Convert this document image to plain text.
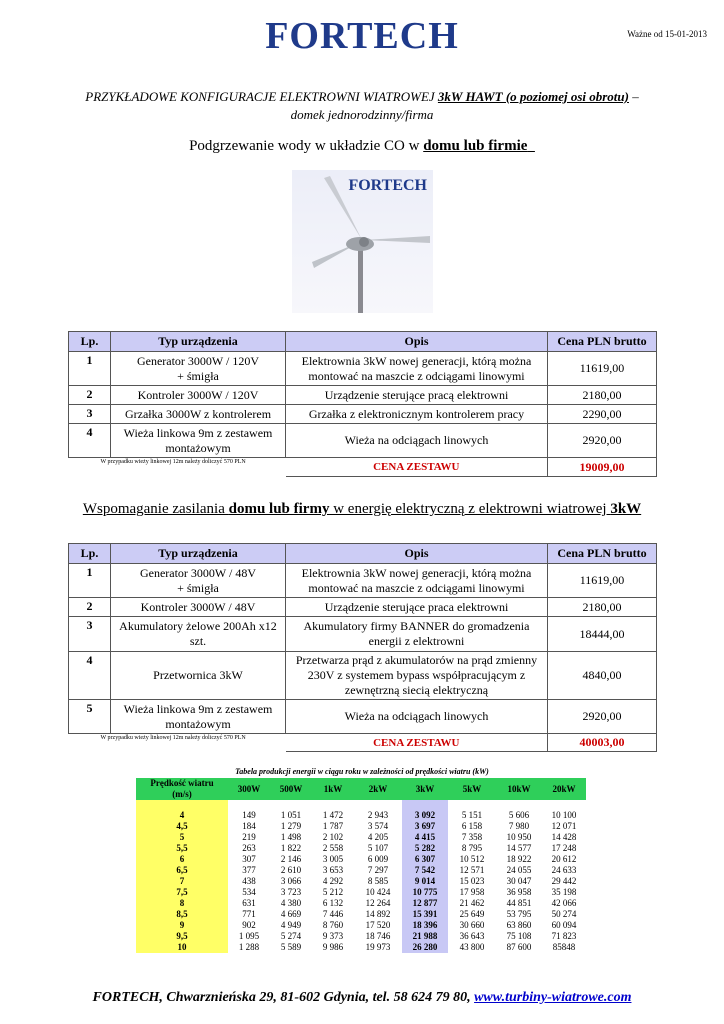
FORTECH	Ważne od 15-01-2013
PRZYKŁADOWE KONFIGURACJE ELEKTROWNI WIATROWEJ 3kW HAWT (o poziomej osi obrotu) –
domek jednorodzinny/firma
Podgrzewanie wody w układzie CO w domu lub firmie
FORTECH
Lp.	Typ urządzenia	Opis	Cena PLN brutto
1	Generator 3000W / 120V
+ śmigła	Elektrownia 3kW nowej generacji, którą można montować na maszcie z odciągami linowymi	11619,00
2	Kontroler 3000W / 120V	Urządzenie sterujące pracą elektrowni	2180,00
3	Grzałka 3000W z kontrolerem	Grzałka z elektronicznym kontrolerem pracy	2290,00
4	Wieża linkowa 9m z zestawem montażowym	Wieża na odciągach linowych	2920,00
W przypadku wieży linkowej 12m należy doliczyć 570 PLN		CENA ZESTAWU	19009,00
Wspomaganie zasilania domu lub firmy w energię elektryczną z elektrowni wiatrowej 3kW
Lp.	Typ urządzenia	Opis	Cena PLN brutto
1	Generator 3000W / 48V
+ śmigła	Elektrownia 3kW nowej generacji, którą można montować na maszcie z odciągami linowymi	11619,00
2	Kontroler 3000W / 48V	Urządzenie sterujące praca elektrowni	2180,00
3	Akumulatory żelowe 200Ah x12 szt.	Akumulatory firmy BANNER do gromadzenia energii z elektrowni	18444,00
4	Przetwornica 3kW	Przetwarza prąd z akumulatorów na prąd zmienny 230V z systemem bypass współpracującym z zewnętrzną siecią elektryczną	4840,00
5	Wieża linkowa 9m z zestawem montażowym	Wieża na odciągach linowych	2920,00
W przypadku wieży linkowej 12m należy doliczyć 570 PLN		CENA ZESTAWU	40003,00
Tabela produkcji energii w ciągu roku w zależności od prędkości wiatru (kW)
Prędkość wiatru
(m/s)	300W	500W	1kW	2kW	3kW	5kW	10kW	20kW

4	149	1 051	1 472	2 943	3 092	5 151	5 606	10 100
4,5	184	1 279	1 787	3 574	3 697	6 158	7 980	12 071
5	219	1 498	2 102	4 205	4 415	7 358	10 950	14 428
5,5	263	1 822	2 558	5 107	5 282	8 795	14 577	17 248
6	307	2 146	3 005	6 009	6 307	10 512	18 922	20 612
6,5	377	2 610	3 653	7 297	7 542	12 571	24 055	24 633
7	438	3 066	4 292	8 585	9 014	15 023	30 047	29 442
7,5	534	3 723	5 212	10 424	10 775	17 958	36 958	35 198
8	631	4 380	6 132	12 264	12 877	21 462	44 851	42 066
8,5	771	4 669	7 446	14 892	15 391	25 649	53 795	50 274
9	902	4 949	8 760	17 520	18 396	30 660	63 860	60 094
9,5	1 095	5 274	9 373	18 746	21 988	36 643	75 108	71 823
10	1 288	5 589	9 986	19 973	26 280	43 800	87 600	85848
FORTECH, Chwarznieńska 29, 81-602 Gdynia, tel. 58 624 79 80, www.turbiny-wiatrowe.com
